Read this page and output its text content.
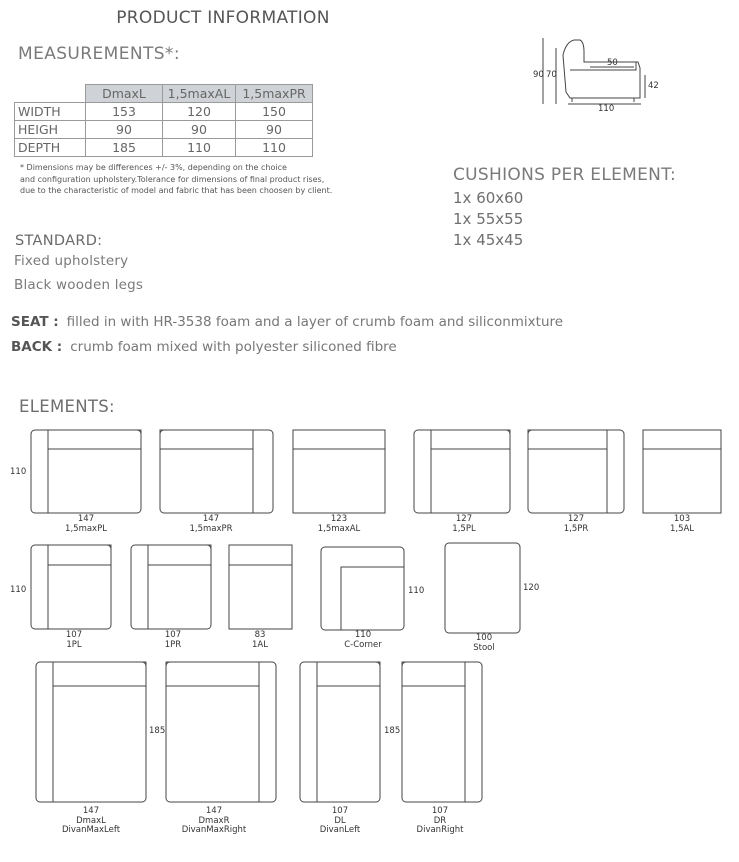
PRODUCT INFORMATION
MEASUREMENTS*:
	DmaxL	1,5maxAL	1,5maxPR
WIDTH	153	120	150
HEIGH	90	90	90
DEPTH	185	110	110
* Dimensions may be differences +/- 3%, depending on the choice
and configuration upholstery.Tolerance for dimensions of final product rises,
due to the characteristic of model and fabric that has been choosen by client.
CUSHIONS PER ELEMENT:
1x 60x60
1x 55x55
1x 45x45
STANDARD:
Fixed upholstery
Black wooden legs
SEAT : filled in with HR-3538 foam and a layer of crumb foam and siliconmixture
BACK : crumb foam mixed with polyester siliconed fibre
ELEMENTS:
90 70
50
42
110
110
110
185	185
110	120
147
1,5maxPL
147
1,5maxPR
123
1,5maxAL
127
1,5PL
127
1,5PR
103
1,5AL
107
1PL
107
1PR
83
1AL
110
C-Corner
100
Stool
147
DmaxL
DivanMaxLeft
147
DmaxR
DivanMaxRight
107
DL
DivanLeft
107
DR
DivanRight
